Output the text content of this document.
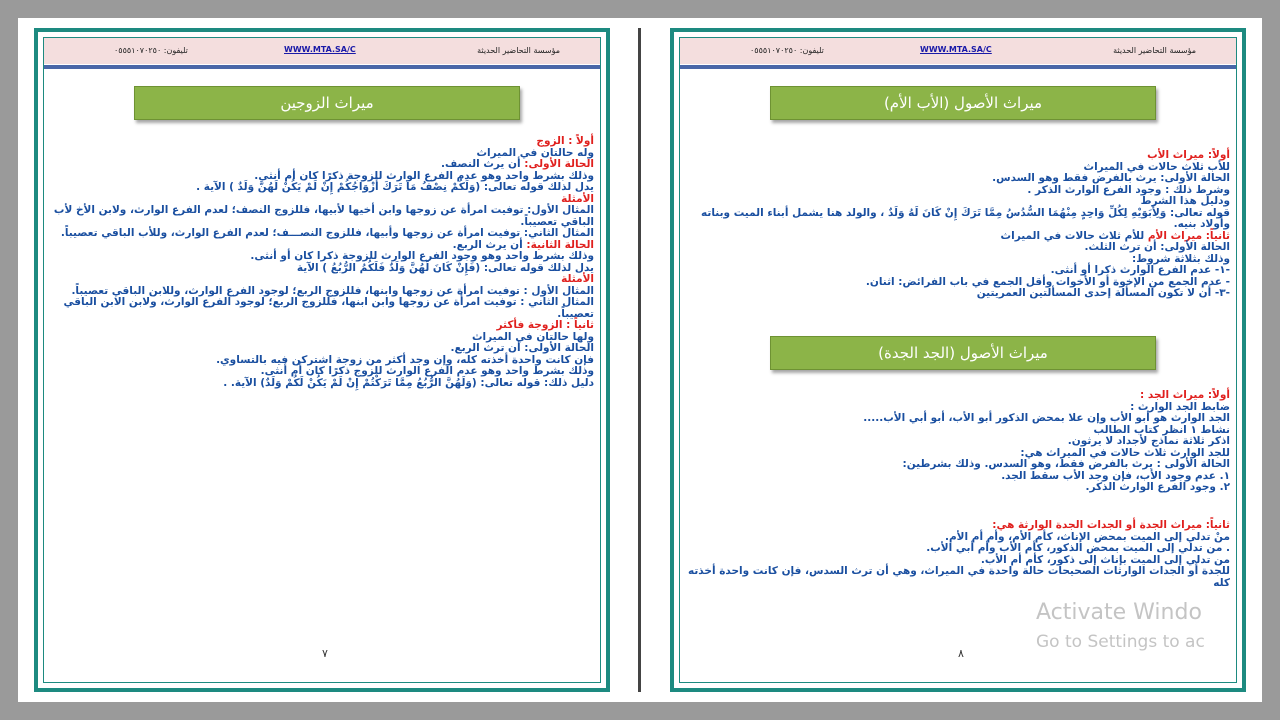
مؤسسة التحاضير الحديثة
WWW.MTA.SA/C
تليفون: ٠٥٥٥١٠٧٠٢٥٠
ميراث الزوجين

أولاً : الزوج

وله حالتان في الميراث

الحالة الأولى: أن يرث النصف.

وذلك بشرط واحد وهو عدم الفرع الوارث للزوجة ذكرًا كان أم أنثى.

يدل لذلك قوله تعالى: (وَلَكُمْ نِصْفُ مَا تَرَكَ أَزْوَاجُكُمْ إِنْ لَمْ يَكُنْ لَهُنَّ وَلَدٌ ) الآية .

الأمثلة

المثال الأول: توفيت امرأة عن زوجها وابن أخيها لأبيها، فللزوج النصف؛ لعدم الفرع الوارث، ولابن الأخ لأب الباقي تعصيباً.

المثال الثاني: توفيت امرأة عن زوجها وأبيها، فللزوج النصـــف؛ لعدم الفرع الوارث، وللأب الباقي تعصيباً.

الحالة الثانية: أن يرث الربع.

وذلك بشرط واحد وهو وجود الفرع الوارث للزوجة ذكرا كان أو أنثى.

يدل لذلك قوله تعالى: (فَإِنْ كَانَ لَهُنَّ وَلَدٌ فَلَكُمُ الرُّبُعُ ) الآية

الأمثلة

المثال الأول : توفيت امرأة عن زوجها وابنها، فللزوج الربع؛ لوجود الفرع الوارث، وللابن الباقي تعصيباً.

المثال الثاني : توفيت امرأة عن زوجها وابن ابنها، فللزوج الربع؛ لوجود الفرع الوارث، ولابن الابن الباقي تعصيباً.

ثانياً : الزوجة فأكثر

ولها حالتان في الميراث

الحالة الأولى: أن ترث الربع.

فإن كانت واحدة أخذته كله، وإن وجد أكثر من زوجة اشتركن فيه بالتساوي.

وذلك بشرط واحد وهو عدم الفرع الوارث للزوج ذكرًا كان أم أنثى.

دليل ذلك: قوله تعالى: (وَلَهُنَّ الرُّبُعُ مِمَّا تَرَكْتُمْ إِنْ لَمْ يَكُنْ لَكُمْ وَلَدٌ) الآية. .

٧
مؤسسة التحاضير الحديثة
WWW.MTA.SA/C
تليفون: ٠٥٥٥١٠٧٠٢٥٠
ميراث الأصول (الأب الأم)

أولاً: ميراث الأب

للأب ثلاث حالات في الميراث

الحالة الأولى: يرث بالفرض فقط وهو السدس.

وشرط ذلك : وجود الفرع الوارث الذكر .

ودليل هذا الشرط

قوله تعالى: وَلِأَبَوَيْهِ لِكُلِّ وَاحِدٍ مِنْهُمَا السُّدُسُ مِمَّا تَرَكَ إِنْ كَانَ لَهُ وَلَدٌ ، والولد هنا يشمل أبناء الميت وبناته وأولاد بنيه.

ثانياً: ميراث الأم للأم ثلاث حالات في الميراث

الحالة الأولى: أن ترث الثلث.

وذلك بثلاثة شروط:

-١- عدم الفرع الوارث ذكرا أو أنثى.

- عدم الجمع من الإخوة أو الأخوات وأقل الجمع في باب الفرائض: اثنان.

-٣- أن لا تكون المسألة إحدى المسألتين العمريتين

ميراث الأصول (الجد الجدة)

أولاً: ميراث الجد :

ضابط الجد الوارث :

الجد الوارث هو أبو الأب وإن علا بمحض الذكور أبو الأب، أبو أبي الأب.....

نشاط ١ انظر كتاب الطالب

اذكر ثلاثة نماذج لأجداد لا يرثون.

للجد الوارث ثلاث حالات في الميراث هي:

الحالة الأولى : يرث بالفرض فقط، وهو السدس. وذلك بشرطين:

١. عدم وجود الأب، فإن وجد الأب سقط الجد.

٢. وجود الفرع الوارث الذكر.

ثانياً: ميراث الجدة أو الجدات الجدة الوارثة هي:

منْ تدلي إلى الميت بمحض الإناث، كأم الأم، وأم أم الأم.

. من تدلي إلى الميت بمحض الذكور، كأم الأب وأم أبي الأب.

من تدلي إلى الميت بإناث إلى ذكور، كأم أم الأب.

للجدة أو الجدات الوارثات الصحيحات حالة واحدة في الميراث، وهي أن ترث السدس، فإن كانت واحدة أخذته كله

٨
Activate Windo
Go to Settings to ac
